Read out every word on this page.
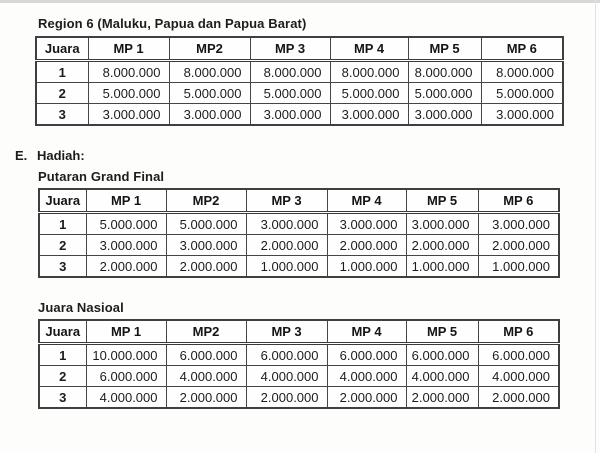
Region 6 (Maluku, Papua dan Papua Barat)
Juara	MP 1	MP2	MP 3	MP 4	MP 5	MP 6
1	8.000.000	8.000.000	8.000.000	8.000.000	8.000.000	8.000.000
2	5.000.000	5.000.000	5.000.000	5.000.000	5.000.000	5.000.000
3	3.000.000	3.000.000	3.000.000	3.000.000	3.000.000	3.000.000
E. Hadiah:
Putaran Grand Final
Juara	MP 1	MP2	MP 3	MP 4	MP 5	MP 6
1	5.000.000	5.000.000	3.000.000	3.000.000	3.000.000	3.000.000
2	3.000.000	3.000.000	2.000.000	2.000.000	2.000.000	2.000.000
3	2.000.000	2.000.000	1.000.000	1.000.000	1.000.000	1.000.000
Juara Nasioal
Juara	MP 1	MP2	MP 3	MP 4	MP 5	MP 6
1	10.000.000	6.000.000	6.000.000	6.000.000	6.000.000	6.000.000
2	6.000.000	4.000.000	4.000.000	4.000.000	4.000.000	4.000.000
3	4.000.000	2.000.000	2.000.000	2.000.000	2.000.000	2.000.000
